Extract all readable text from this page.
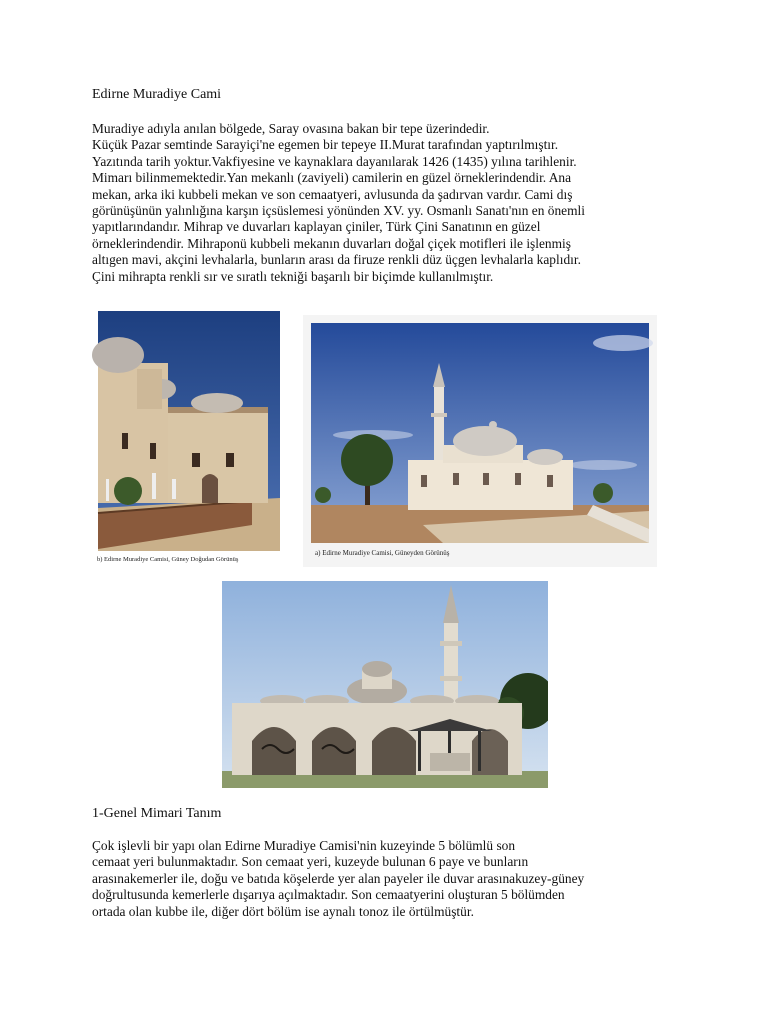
Edirne Muradiye Cami

Muradiye adıyla anılan bölgede, Saray ovasına bakan bir tepe üzerindedir.
Küçük Pazar semtinde Sarayiçi'ne egemen bir tepeye II.Murat tarafından yaptırılmıştır.
Yazıtında tarih yoktur.Vakfiyesine ve kaynaklara dayanılarak 1426 (1435) yılına tarihlenir.
Mimarı bilinmemektedir.Yan mekanlı (zaviyeli) camilerin en güzel örneklerindendir. Ana
mekan, arka iki kubbeli mekan ve son cemaatyeri, avlusunda da şadırvan vardır. Cami dış
görünüşünün yalınlığına karşın içsüslemesi yönünden XV. yy. Osmanlı Sanatı'nın en önemli
yapıtlarındandır. Mihrap ve duvarları kaplayan çiniler, Türk Çini Sanatının en güzel
örneklerindendir. Mihraponü kubbeli mekanın duvarları doğal çiçek motifleri ile işlenmiş
altıgen mavi, akçini levhalarla, bunların arası da firuze renkli düz üçgen levhalarla kaplıdır.
Çini mihrapta renkli sır ve sıratlı tekniği başarılı bir biçimde kullanılmıştır.

b) Edirne Muradiye Camisi, Güney Doğudan Görünüş
a) Edirne Muradiye Camisi, Güneyden Görünüş
1-Genel Mimari Tanım

Çok işlevli bir yapı olan Edirne Muradiye Camisi'nin kuzeyinde 5 bölümlü son
cemaat yeri bulunmaktadır. Son cemaat yeri, kuzeyde bulunan 6 paye ve bunların
arasınakemerler ile, doğu ve batıda köşelerde yer alan payeler ile duvar arasınakuzey-güney
doğrultusunda kemerlerle dışarıya açılmaktadır. Son cemaatyerini oluşturan 5 bölümden
ortada olan kubbe ile, diğer dört bölüm ise aynalı tonoz ile örtülmüştür.
